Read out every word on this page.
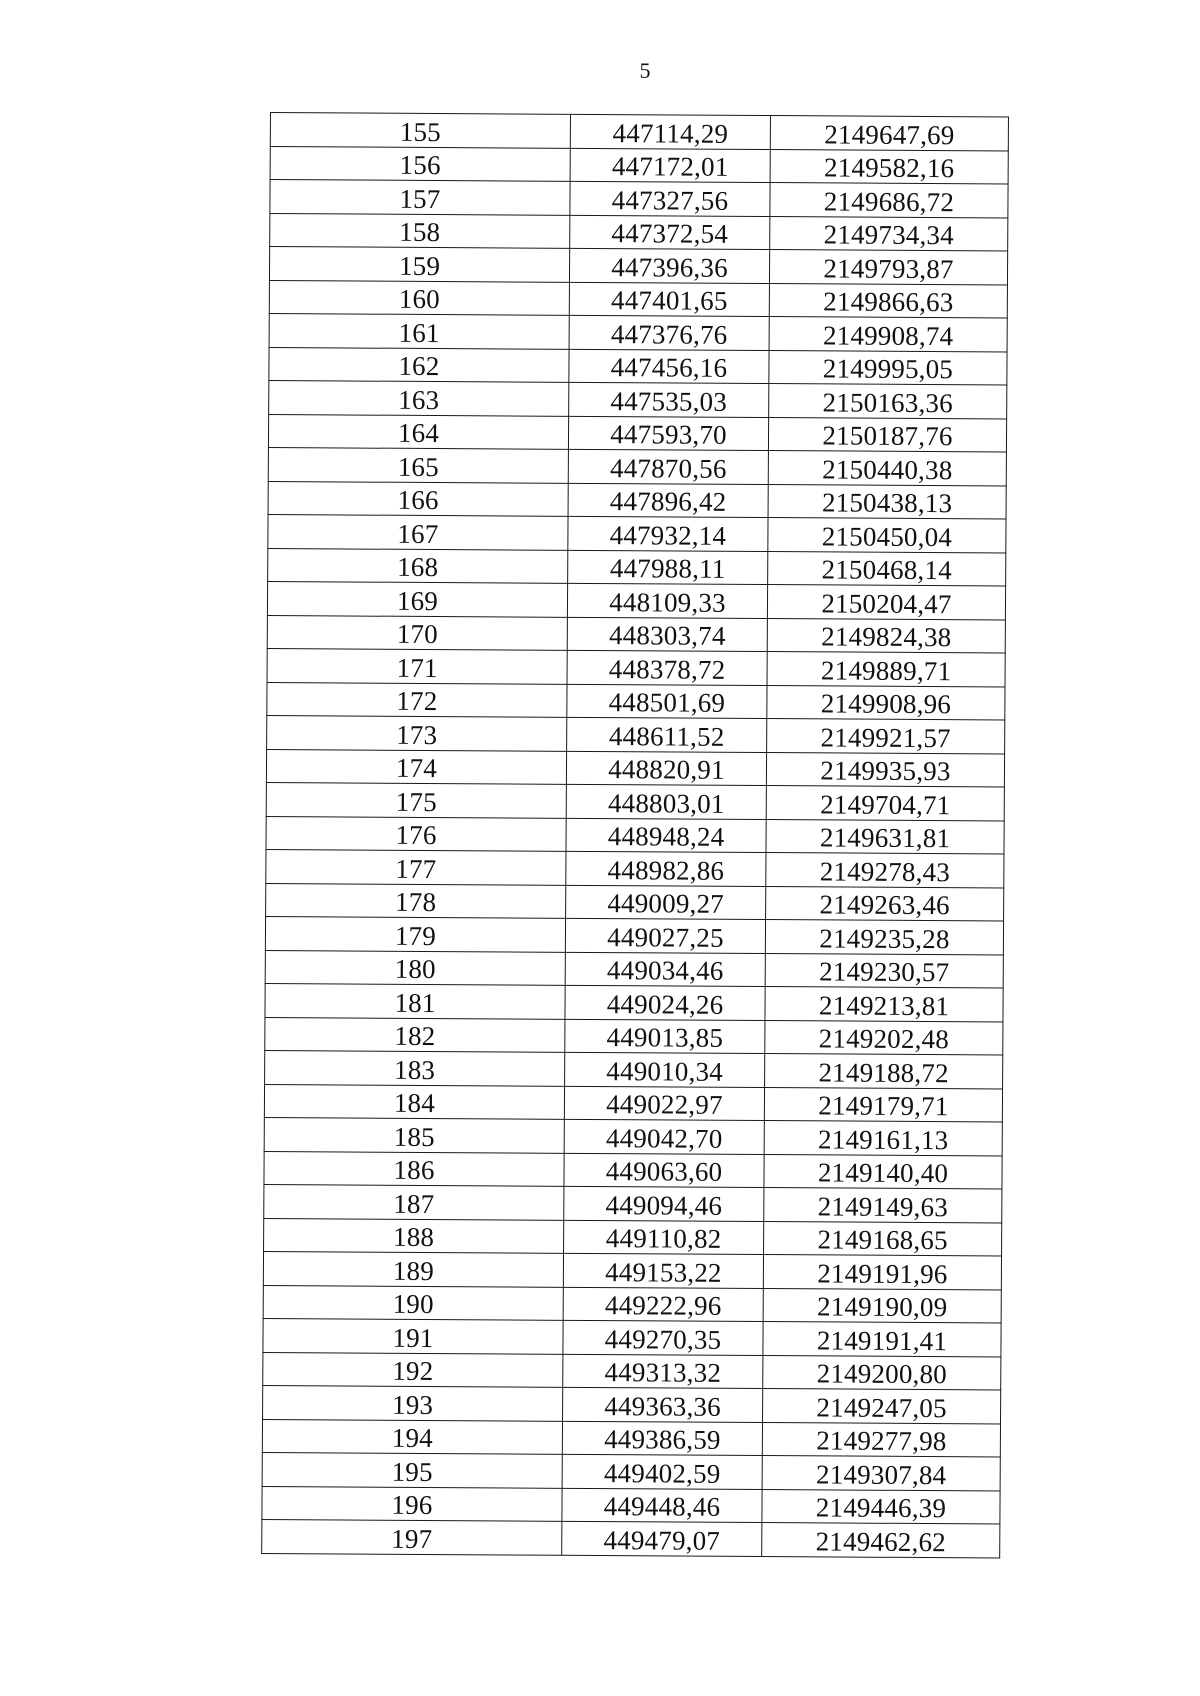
5
155	447114,29	2149647,69
156	447172,01	2149582,16
157	447327,56	2149686,72
158	447372,54	2149734,34
159	447396,36	2149793,87
160	447401,65	2149866,63
161	447376,76	2149908,74
162	447456,16	2149995,05
163	447535,03	2150163,36
164	447593,70	2150187,76
165	447870,56	2150440,38
166	447896,42	2150438,13
167	447932,14	2150450,04
168	447988,11	2150468,14
169	448109,33	2150204,47
170	448303,74	2149824,38
171	448378,72	2149889,71
172	448501,69	2149908,96
173	448611,52	2149921,57
174	448820,91	2149935,93
175	448803,01	2149704,71
176	448948,24	2149631,81
177	448982,86	2149278,43
178	449009,27	2149263,46
179	449027,25	2149235,28
180	449034,46	2149230,57
181	449024,26	2149213,81
182	449013,85	2149202,48
183	449010,34	2149188,72
184	449022,97	2149179,71
185	449042,70	2149161,13
186	449063,60	2149140,40
187	449094,46	2149149,63
188	449110,82	2149168,65
189	449153,22	2149191,96
190	449222,96	2149190,09
191	449270,35	2149191,41
192	449313,32	2149200,80
193	449363,36	2149247,05
194	449386,59	2149277,98
195	449402,59	2149307,84
196	449448,46	2149446,39
197	449479,07	2149462,62
